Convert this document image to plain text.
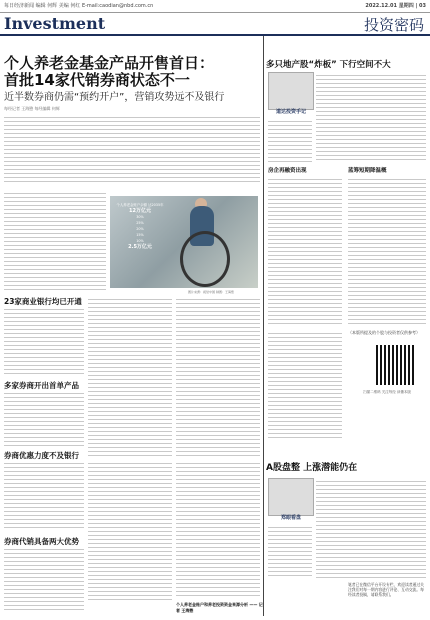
每日经济新闻 编辑 何辉 美编 何红 E-mail:caodian@nbd.com.cn	2022.12.01 星期四 | 03
Investment	投资密码
个人养老金基金产品开售首日：
首批14家代销券商状态不一
近半数券商仍需“预约开户”，营销攻势远不及银行
每经记者 王海慜 每经编辑 何辉
个人养老金账户余额 达2035年
12万亿元
30%
25%
20%
15%
10%
2.5万亿元
图片来源：视觉中国 制图：王海慜
23家商业银行均已开通
多家券商开出首单产品
券商优惠力度不及银行
券商代销具备两大优势
个人养老金账户和养老投资资金来源分析 —— 记者 王海慜
多只地产股“炸板” 下行空间不大
道达投资手记
房企再融资出现	蓝筹短期降温概
（本版所提及的个股与投资者仅供参考）
扫描二维码 关注每经 读懂本版
A股盘整 上涨潜能仍在
郑眼看盘
笔者已在微信平台开设专栏，欢迎读者通过关注我们对每一期内容进行评论、互动交流。每经读者投稿，请联系我们。
